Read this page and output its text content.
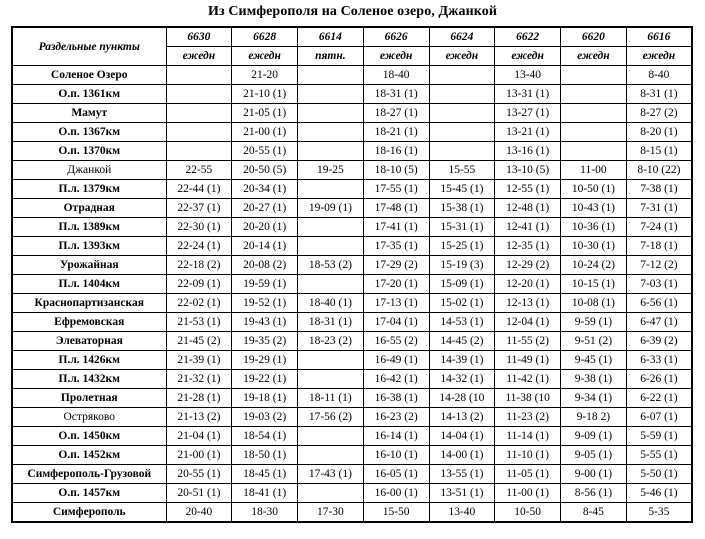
Из Симферополя на Соленое озеро, Джанкой
Раздельные пункты	6630	6628	6614	6626	6624	6622	6620	6616
	ежедн	ежедн	пятн.	ежедн	ежедн	ежедн	ежедн	ежедн
Соленое Озеро		21-20		18-40		13-40		8-40
О.п. 1361км		21-10 (1)		18-31 (1)		13-31 (1)		8-31 (1)
Мамут		21-05 (1)		18-27 (1)		13-27 (1)		8-27 (2)
О.п. 1367км		21-00 (1)		18-21 (1)		13-21 (1)		8-20 (1)
О.п. 1370км		20-55 (1)		18-16 (1)		13-16 (1)		8-15 (1)
Джанкой	22-55	20-50 (5)	19-25	18-10 (5)	15-55	13-10 (5)	11-00	8-10 (22)
П.л. 1379км	22-44 (1)	20-34 (1)		17-55 (1)	15-45 (1)	12-55 (1)	10-50 (1)	7-38 (1)
Отрадная	22-37 (1)	20-27 (1)	19-09 (1)	17-48 (1)	15-38 (1)	12-48 (1)	10-43 (1)	7-31 (1)
П.л. 1389км	22-30 (1)	20-20 (1)		17-41 (1)	15-31 (1)	12-41 (1)	10-36 (1)	7-24 (1)
П.л. 1393км	22-24 (1)	20-14 (1)		17-35 (1)	15-25 (1)	12-35 (1)	10-30 (1)	7-18 (1)
Урожайная	22-18 (2)	20-08 (2)	18-53 (2)	17-29 (2)	15-19 (3)	12-29 (2)	10-24 (2)	7-12 (2)
П.л. 1404км	22-09 (1)	19-59 (1)		17-20 (1)	15-09 (1)	12-20 (1)	10-15 (1)	7-03 (1)
Краснопартизанская	22-02 (1)	19-52 (1)	18-40 (1)	17-13 (1)	15-02 (1)	12-13 (1)	10-08 (1)	6-56 (1)
Ефремовская	21-53 (1)	19-43 (1)	18-31 (1)	17-04 (1)	14-53 (1)	12-04 (1)	9-59 (1)	6-47 (1)
Элеваторная	21-45 (2)	19-35 (2)	18-23 (2)	16-55 (2)	14-45 (2)	11-55 (2)	9-51 (2)	6-39 (2)
П.л. 1426км	21-39 (1)	19-29 (1)		16-49 (1)	14-39 (1)	11-49 (1)	9-45 (1)	6-33 (1)
П.л. 1432км	21-32 (1)	19-22 (1)		16-42 (1)	14-32 (1)	11-42 (1)	9-38 (1)	6-26 (1)
Пролетная	21-28 (1)	19-18 (1)	18-11 (1)	16-38 (1)	14-28 (10	11-38 (10	9-34 (1)	6-22 (1)
Остряково	21-13 (2)	19-03 (2)	17-56 (2)	16-23 (2)	14-13 (2)	11-23 (2)	9-18 2)	6-07 (1)
О.п. 1450км	21-04 (1)	18-54 (1)		16-14 (1)	14-04 (1)	11-14 (1)	9-09 (1)	5-59 (1)
О.п. 1452км	21-00 (1)	18-50 (1)		16-10 (1)	14-00 (1)	11-10 (1)	9-05 (1)	5-55 (1)
Симферополь-Грузовой	20-55 (1)	18-45 (1)	17-43 (1)	16-05 (1)	13-55 (1)	11-05 (1)	9-00 (1)	5-50 (1)
О.п. 1457км	20-51 (1)	18-41 (1)		16-00 (1)	13-51 (1)	11-00 (1)	8-56 (1)	5-46 (1)
Симферополь	20-40	18-30	17-30	15-50	13-40	10-50	8-45	5-35
